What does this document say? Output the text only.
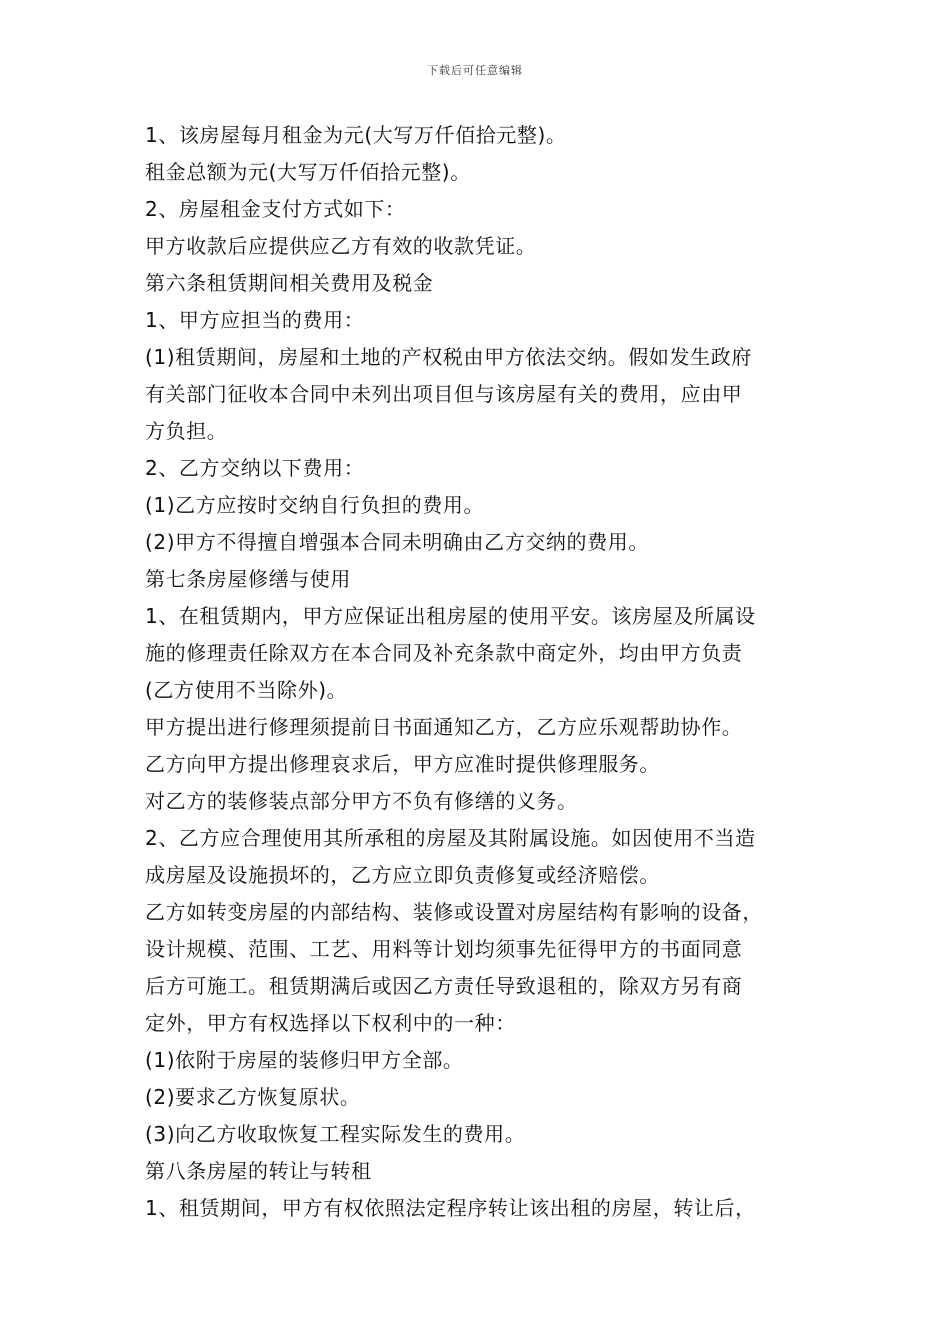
下载后可任意编辑
1、该房屋每月租金为元(大写万仟佰拾元整)。
租金总额为元(大写万仟佰拾元整)。
2、房屋租金支付方式如下：
甲方收款后应提供应乙方有效的收款凭证。
第六条租赁期间相关费用及税金
1、甲方应担当的费用：
(1)租赁期间，房屋和土地的产权税由甲方依法交纳。假如发生政府
有关部门征收本合同中未列出项目但与该房屋有关的费用，应由甲
方负担。
2、乙方交纳以下费用：
(1)乙方应按时交纳自行负担的费用。
(2)甲方不得擅自增强本合同未明确由乙方交纳的费用。
第七条房屋修缮与使用
1、在租赁期内，甲方应保证出租房屋的使用平安。该房屋及所属设
施的修理责任除双方在本合同及补充条款中商定外，均由甲方负责
(乙方使用不当除外)。
甲方提出进行修理须提前日书面通知乙方，乙方应乐观帮助协作。
乙方向甲方提出修理哀求后，甲方应准时提供修理服务。
对乙方的装修装点部分甲方不负有修缮的义务。
2、乙方应合理使用其所承租的房屋及其附属设施。如因使用不当造
成房屋及设施损坏的，乙方应立即负责修复或经济赔偿。
乙方如转变房屋的内部结构、装修或设置对房屋结构有影响的设备，
设计规模、范围、工艺、用料等计划均须事先征得甲方的书面同意
后方可施工。租赁期满后或因乙方责任导致退租的，除双方另有商
定外，甲方有权选择以下权利中的一种：
(1)依附于房屋的装修归甲方全部。
(2)要求乙方恢复原状。
(3)向乙方收取恢复工程实际发生的费用。
第八条房屋的转让与转租
1、租赁期间，甲方有权依照法定程序转让该出租的房屋，转让后，
